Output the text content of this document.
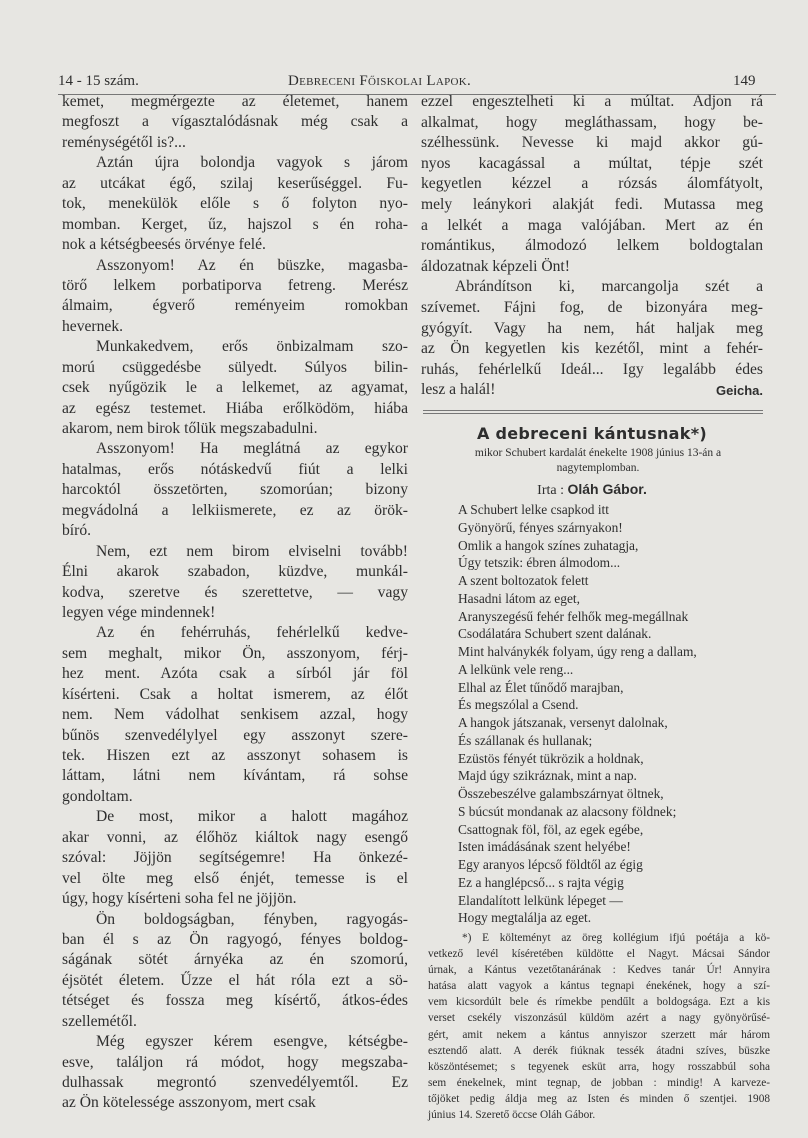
14 - 15 szám.	Debreceni Főiskolai Lapok.	149
kemet, megmérgezte az életemet, hanem
megfoszt a vígasztalódásnak még csak a
reménységétől is?...
Aztán újra bolondja vagyok s járom
az utcákat égő, szilaj keserűséggel. Fu-
tok, menekülök előle s ő folyton nyo-
momban. Kerget, űz, hajszol s én roha-
nok a kétségbeesés örvénye felé.
Asszonyom! Az én büszke, magasba-
törő lelkem porbatiporva fetreng. Merész
álmaim, égverő reményeim romokban
hevernek.
Munkakedvem, erős önbizalmam szo-
morú csüggedésbe sülyedt. Súlyos bilin-
csek nyűgözik le a lelkemet, az agyamat,
az egész testemet. Hiába erőlködöm, hiába
akarom, nem birok tőlük megszabadulni.
Asszonyom! Ha meglátná az egykor
hatalmas, erős nótáskedvű fiút a lelki
harcoktól összetörten, szomorúan; bizony
megvádolná a lelkiismerete, ez az örök-
bíró.
Nem, ezt nem birom elviselni tovább!
Élni akarok szabadon, küzdve, munkál-
kodva, szeretve és szerettetve, — vagy
legyen vége mindennek!
Az én fehérruhás, fehérlelkű kedve-
sem meghalt, mikor Ön, asszonyom, férj-
hez ment. Azóta csak a sírból jár föl
kísérteni. Csak a holtat ismerem, az élőt
nem. Nem vádolhat senkisem azzal, hogy
bűnös szenvedélylyel egy asszonyt szere-
tek. Hiszen ezt az asszonyt sohasem is
láttam, látni nem kívántam, rá sohse
gondoltam.
De most, mikor a halott magához
akar vonni, az élőhöz kiáltok nagy esengő
szóval: Jöjjön segítségemre! Ha önkezé-
vel ölte meg első énjét, temesse is el
úgy, hogy kísérteni soha fel ne jöjjön.
Ön boldogságban, fényben, ragyogás-
ban él s az Ön ragyogó, fényes boldog-
ságának sötét árnyéka az én szomorú,
éjsötét életem. Űzze el hát róla ezt a sö-
tétséget és fossza meg kísértő, átkos-édes
szellemétől.
Még egyszer kérem esengve, kétségbe-
esve, találjon rá módot, hogy megszaba-
dulhassak megrontó szenvedélyemtől. Ez
az Ön kötelessége asszonyom, mert csak
ezzel engesztelheti ki a múltat. Adjon rá
alkalmat, hogy megláthassam, hogy be-
szélhessünk. Nevesse ki majd akkor gú-
nyos kacagással a múltat, tépje szét
kegyetlen kézzel a rózsás álomfátyolt,
mely leánykori alakját fedi. Mutassa meg
a lelkét a maga valójában. Mert az én
romántikus, álmodozó lelkem boldogtalan
áldozatnak képzeli Önt!
Abrándítson ki, marcangolja szét a
szívemet. Fájni fog, de bizonyára meg-
gyógyít. Vagy ha nem, hát haljak meg
az Ön kegyetlen kis kezétől, mint a fehér-
ruhás, fehérlelkű Ideál... Igy legalább édes
lesz a halál!	Geicha.
A debreceni kántusnak*)
mikor Schubert kardalát énekelte 1908 június 13-án a
nagytemplomban.
Irta : Oláh Gábor.
A Schubert lelke csapkod itt
Gyönyörű, fényes szárnyakon!
Omlik a hangok színes zuhatagja,
Úgy tetszik: ébren álmodom...
A szent boltozatok felett
Hasadni látom az eget,
Aranyszegésű fehér felhők meg-megállnak
Csodálatára Schubert szent dalának.
Mint halványkék folyam, úgy reng a dallam,
A lelkünk vele reng...
Elhal az Élet tűnődő marajban,
És megszólal a Csend.
A hangok játszanak, versenyt dalolnak,
És szállanak és hullanak;
Ezüstös fényét tükrözik a holdnak,
Majd úgy szikráznak, mint a nap.
Összebeszélve galambszárnyat öltnek,
S búcsút mondanak az alacsony földnek;
Csattognak föl, föl, az egek egébe,
Isten imádásának szent helyébe!
Egy aranyos lépcső földtől az égig
Ez a hanglépcső... s rajta végig
Elandalított lelkünk lépeget —
Hogy megtalálja az eget.
*) E költeményt az öreg kollégium ifjú poétája a kö-
vetkező levél kíséretében küldötte el Nagyt. Mácsai Sándor
úrnak, a Kántus vezetőtanárának : Kedves tanár Úr! Annyira
hatása alatt vagyok a kántus tegnapi énekének, hogy a szí-
vem kicsordúlt bele és rímekbe pendűlt a boldogsága. Ezt a kis
verset csekély viszonzásúl küldöm azért a nagy gyönyörűsé-
gért, amit nekem a kántus annyiszor szerzett már három
esztendő alatt. A derék fiúknak tessék átadni szíves, büszke
köszöntésemet; s tegyenek esküt arra, hogy rosszabbúl soha
sem énekelnek, mint tegnap, de jobban : mindig! A karveze-
tőjöket pedig áldja meg az Isten és minden ő szentjei. 1908
június 14. Szerető öccse Oláh Gábor.
